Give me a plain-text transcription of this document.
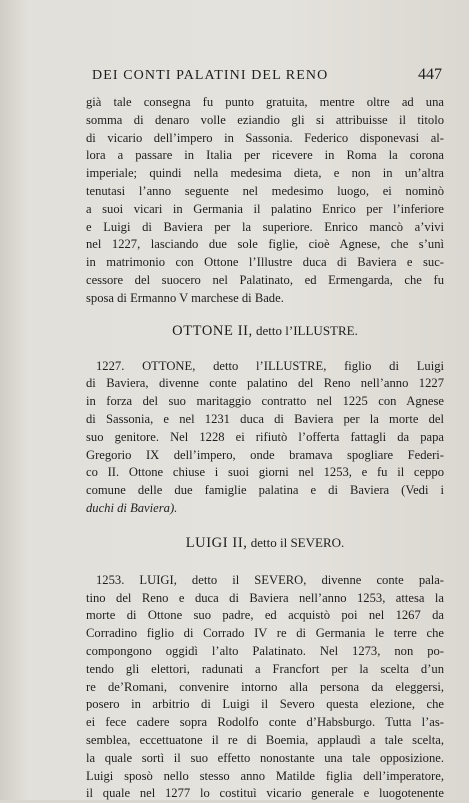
DEI CONTI PALATINI DEL RENO	447
già tale consegna fu punto gratuita, mentre oltre ad una
somma di denaro volle eziandio gli si attribuisse il titolo
di vicario dell’impero in Sassonia. Federico disponevasi al-
lora a passare in Italia per ricevere in Roma la corona
imperiale; quindi nella medesima dieta, e non in un’altra
tenutasi l’anno seguente nel medesimo luogo, ei nominò
a suoi vicari in Germania il palatino Enrico per l’inferiore
e Luigi di Baviera per la superiore. Enrico mancò a’vivi
nel 1227, lasciando due sole figlie, cioè Agnese, che s’unì
in matrimonio con Ottone l’Illustre duca di Baviera e suc-
cessore del suocero nel Palatinato, ed Ermengarda, che fu
sposa di Ermanno V marchese di Bade.
OTTONE II, detto l’ILLUSTRE.
1227. OTTONE, detto l’ILLUSTRE, figlio di Luigi
di Baviera, divenne conte palatino del Reno nell’anno 1227
in forza del suo maritaggio contratto nel 1225 con Agnese
di Sassonia, e nel 1231 duca di Baviera per la morte del
suo genitore. Nel 1228 ei rifiutò l’offerta fattagli da papa
Gregorio IX dell’impero, onde bramava spogliare Federi-
co II. Ottone chiuse i suoi giorni nel 1253, e fu il ceppo
comune delle due famiglie palatina e di Baviera (Vedi i
duchi di Baviera).
LUIGI II, detto il SEVERO.
1253. LUIGI, detto il SEVERO, divenne conte pala-
tino del Reno e duca di Baviera nell’anno 1253, attesa la
morte di Ottone suo padre, ed acquistò poi nel 1267 da
Corradino figlio di Corrado IV re di Germania le terre che
compongono oggidì l’alto Palatinato. Nel 1273, non po-
tendo gli elettori, radunati a Francfort per la scelta d’un
re de’Romani, convenire intorno alla persona da eleggersi,
posero in arbitrio di Luigi il Severo questa elezione, che
ei fece cadere sopra Rodolfo conte d’Habsburgo. Tutta l’as-
semblea, eccettuatone il re di Boemia, applaudì a tale scelta,
la quale sortì il suo effetto nonostante una tale opposizione.
Luigi sposò nello stesso anno Matilde figlia dell’imperatore,
il quale nel 1277 lo costituì vicario generale e luogotenente
